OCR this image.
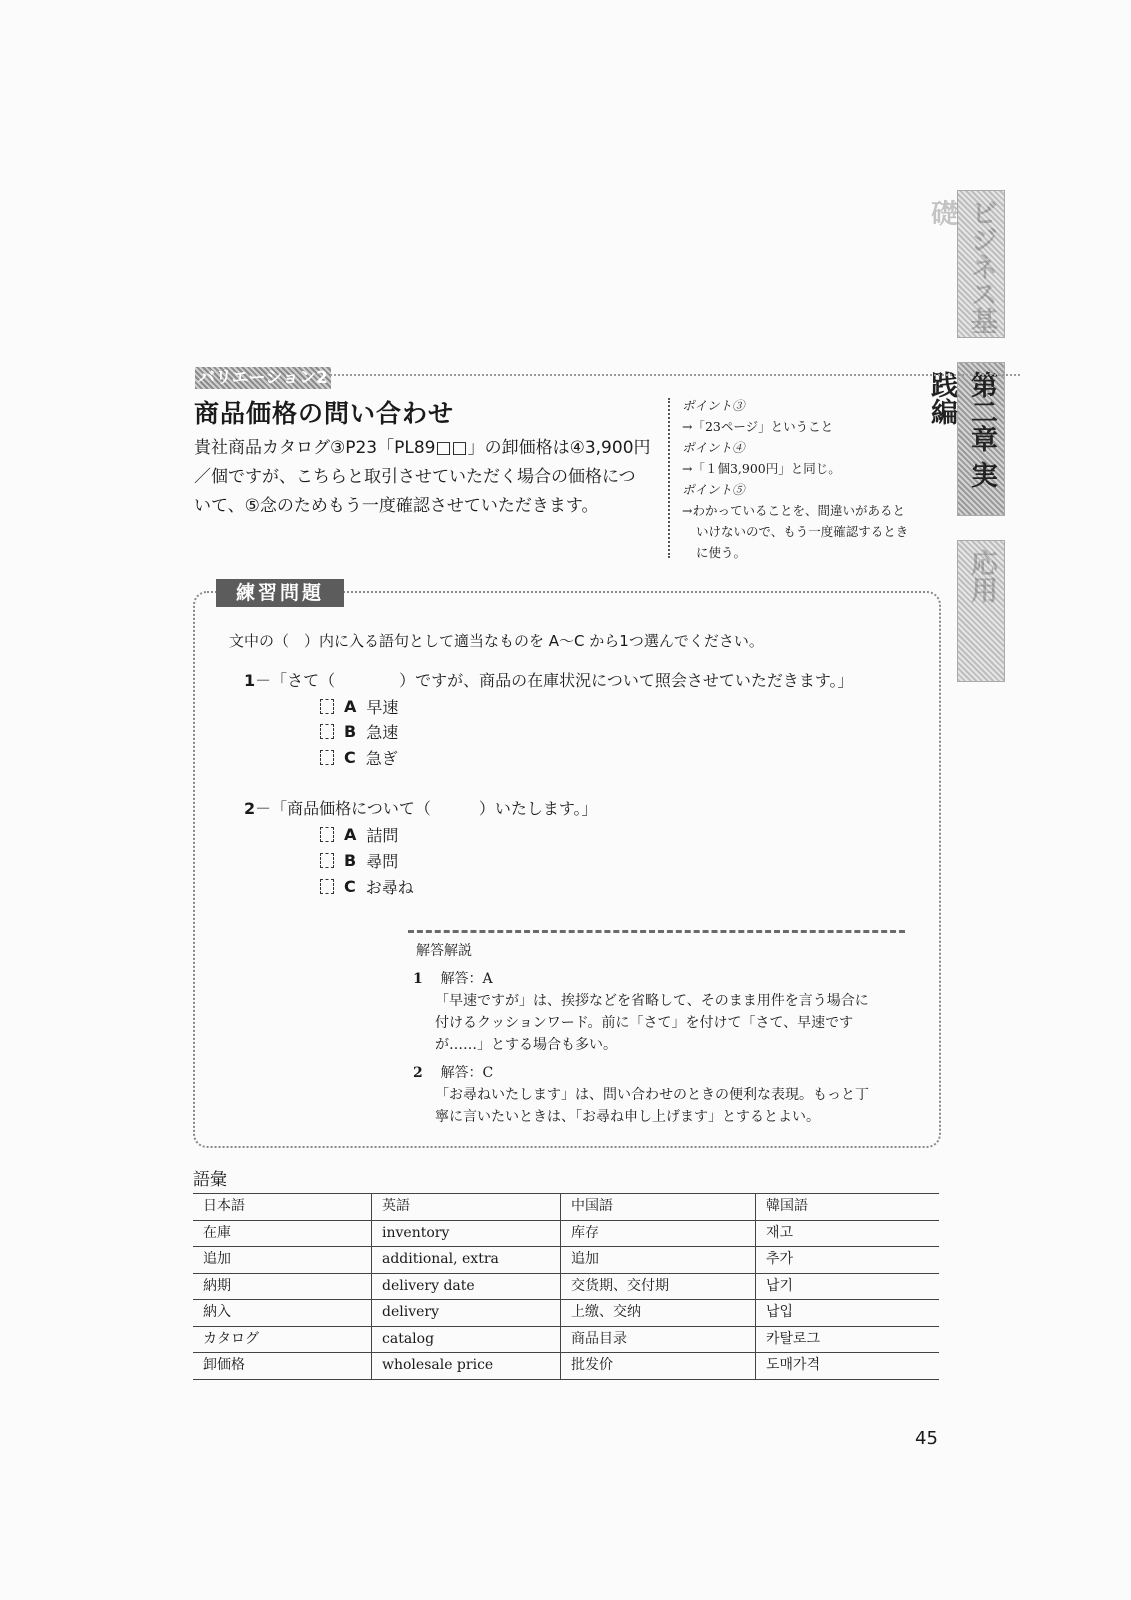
ビジネス基礎
第二章 実践編
応用
バリエーション2
商品価格の問い合わせ
貴社商品カタログ③P23「PL89□□」の卸価格は④3,900円
／個ですが、こちらと取引させていただく場合の価格につ
いて、⑤念のためもう一度確認させていただきます。
ポイント③
→「23ページ」ということ
ポイント④
→「１個3,900円」と同じ。
ポイント⑤
→わかっていることを、間違いがあると
いけないので、もう一度確認するとき
に使う。
練習問題
文中の（　）内に入る語句として適当なものを A～C から1つ選んでください。
1－「さて（　　　　）ですが、商品の在庫状況について照会させていただきます。」
A 早速
B 急速
C 急ぎ
2－「商品価格について（　　　）いたします。」
A 詰問
B 尋問
C お尋ね
解答解説
1 解答：A
「早速ですが」は、挨拶などを省略して、そのまま用件を言う場合に
付けるクッションワード。前に「さて」を付けて「さて、早速です
が……」とする場合も多い。
2 解答：C
「お尋ねいたします」は、問い合わせのときの便利な表現。もっと丁
寧に言いたいときは、「お尋ね申し上げます」とするとよい。
語彙
日本語	英語	中国語	韓国語
在庫	inventory	库存	재고
追加	additional, extra	追加	추가
納期	delivery date	交货期、交付期	납기
納入	delivery	上缴、交纳	납입
カタログ	catalog	商品目录	카탈로그
卸価格	wholesale price	批发价	도매가격
45
